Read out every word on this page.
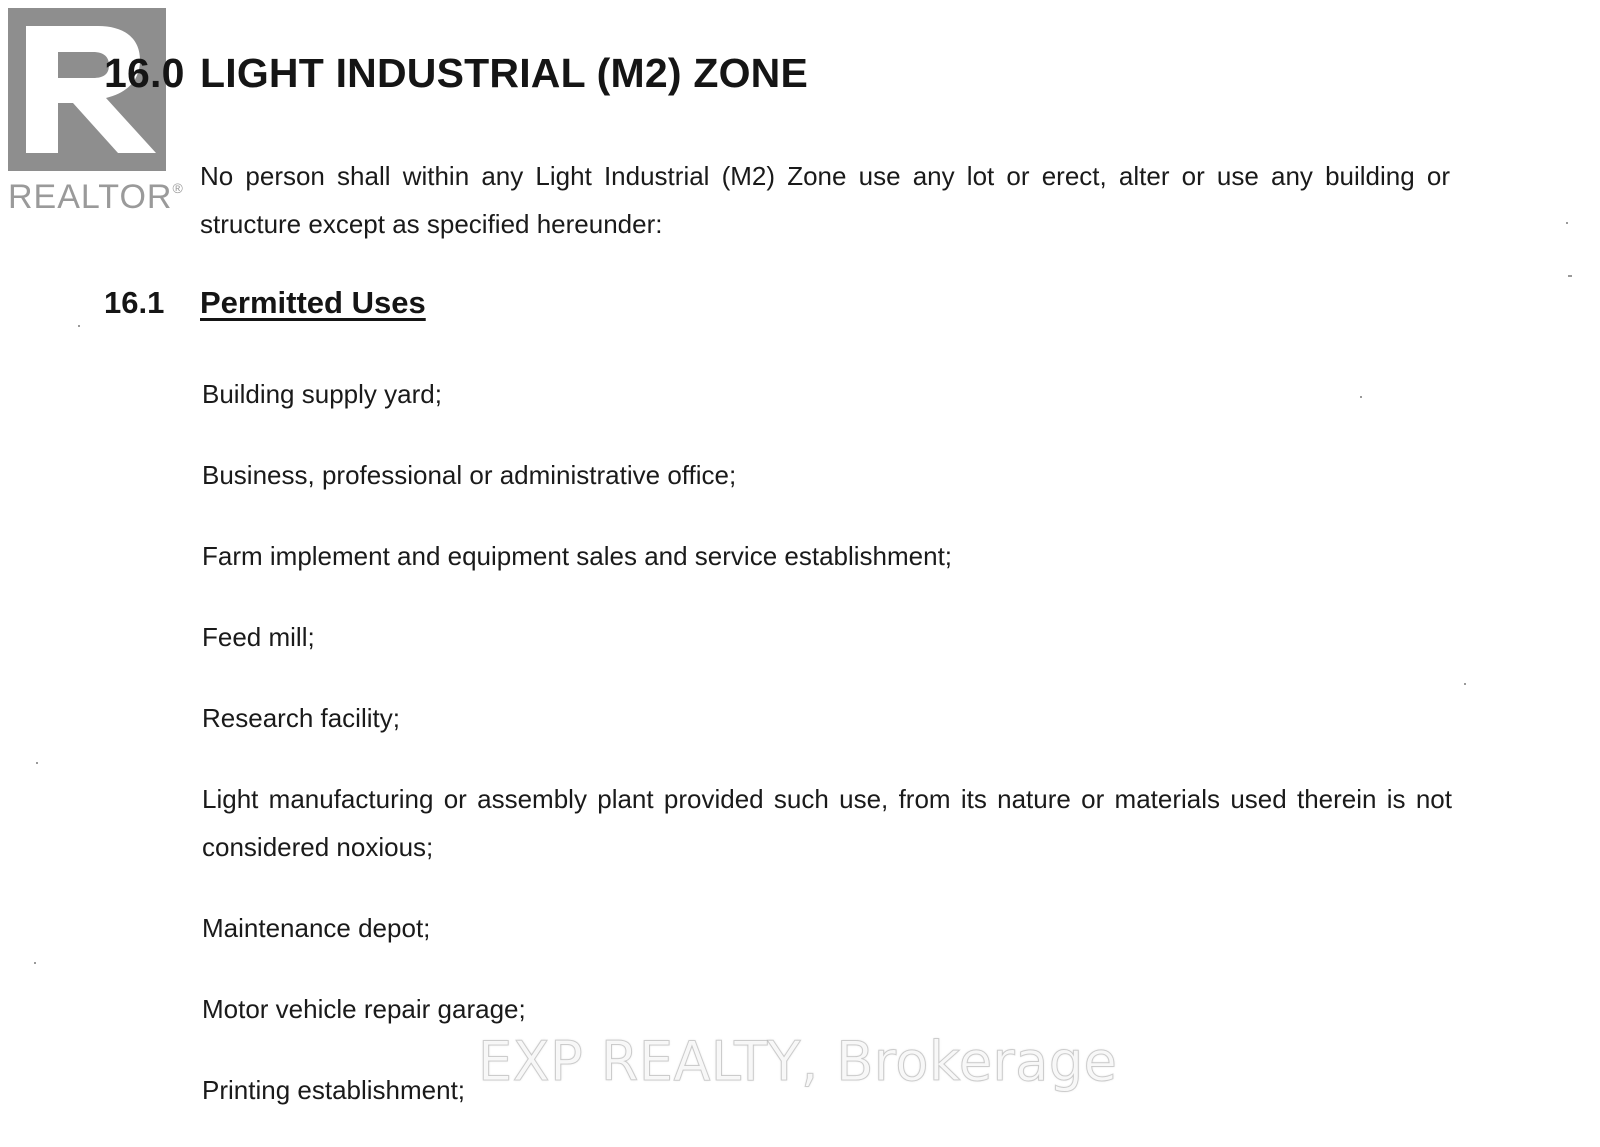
REALTOR®
16.0 LIGHT INDUSTRIAL (M2) ZONE
No person shall within any Light Industrial (M2) Zone use any lot or erect, alter or use any building or structure except as specified hereunder:
16.1 Permitted Uses
Building supply yard;
Business, professional or administrative office;
Farm implement and equipment sales and service establishment;
Feed mill;
Research facility;
Light manufacturing or assembly plant provided such use, from its nature or materials used therein is not considered noxious;
Maintenance depot;
Motor vehicle repair garage;
Printing establishment; EXP REALTY, Brokerage
